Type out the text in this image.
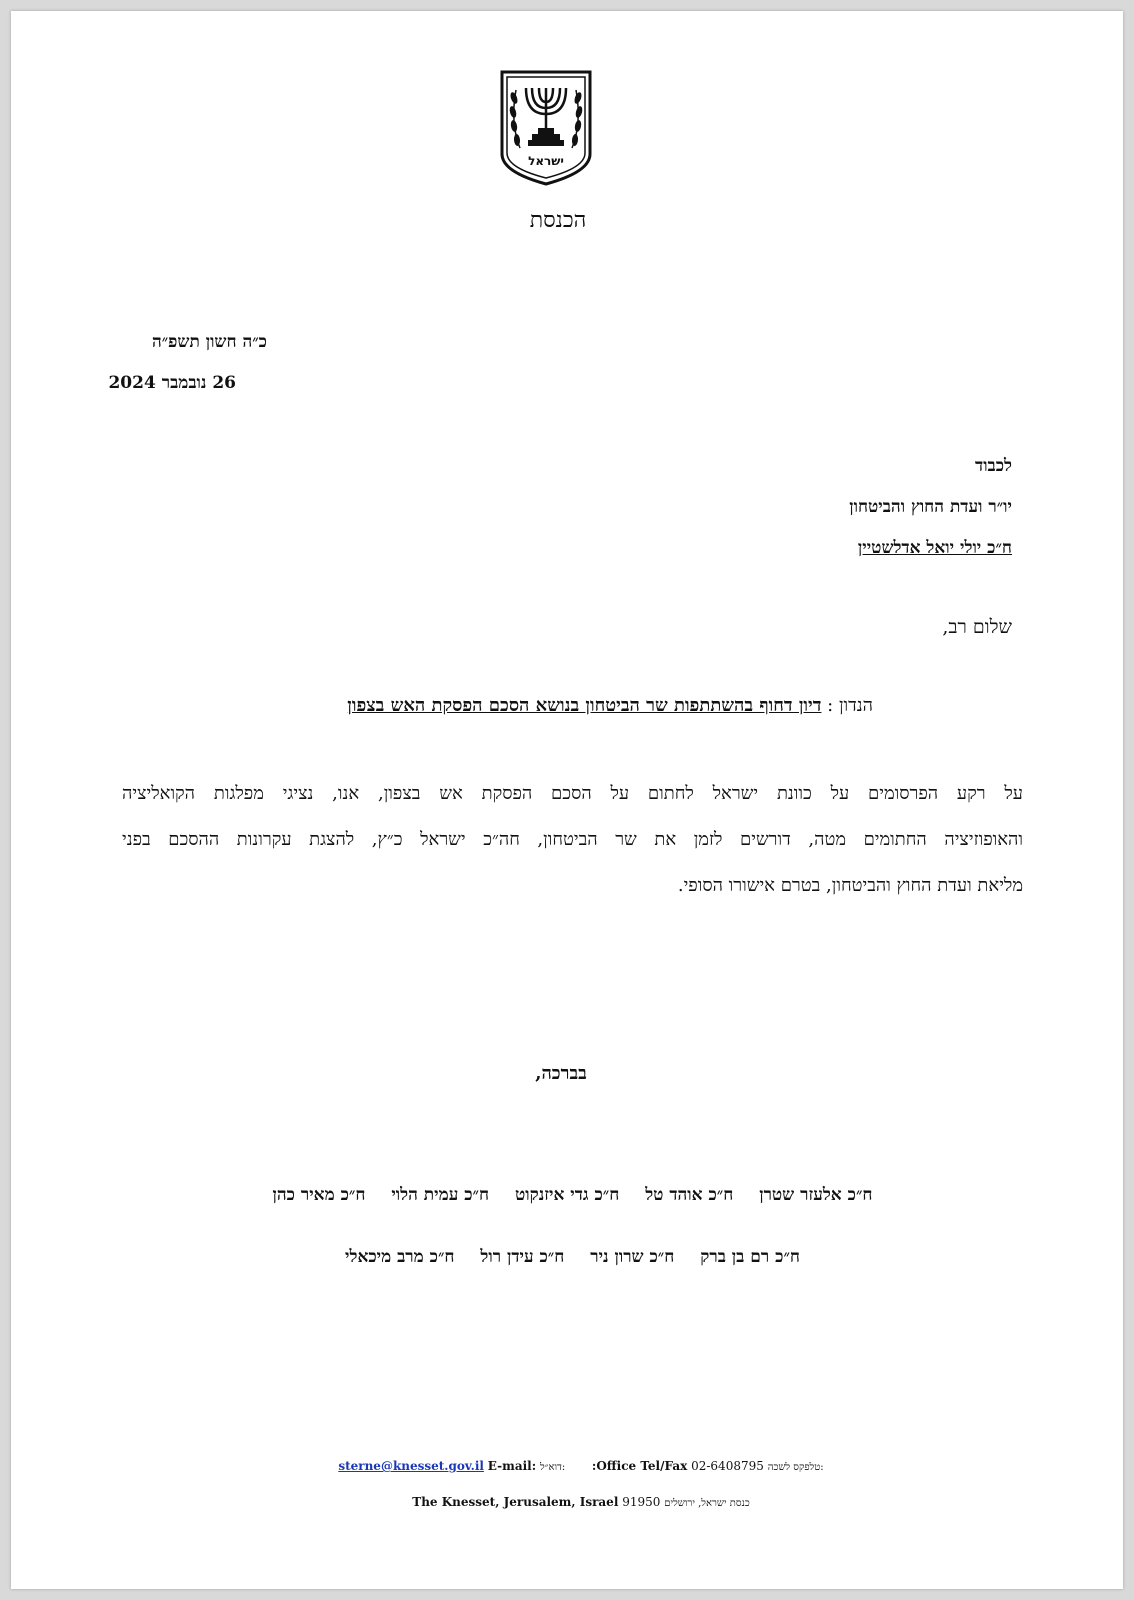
ישראל
הכנסת
כ״ה חשון תשפ״ה
26 נובמבר 2024
לכבוד
יו״ר ועדת החוץ והביטחון
ח״כ יולי יואל אדלשטיין
שלום רב,
הנדון : דיון דחוף בהשתתפות שר הביטחון בנושא הסכם הפסקת האש בצפון

על רקע הפרסומים על כוונת ישראל לחתום על הסכם הפסקת אש בצפון, אנו, נציגי מפלגות הקואליציה

והאופוזיציה החתומים מטה, דורשים לזמן את שר הביטחון, חה״כ ישראל כ״ץ, להצגת עקרונות ההסכם בפני

מליאת ועדת החוץ והביטחון, בטרם אישורו הסופי.

בברכה,
ח״כ אלעזר שטרן ח״כ אוהד טל ח״כ גדי איזנקוט ח״כ עמית הלוי ח״כ מאיר כהן
ח״כ רם בן ברק ח״כ שרון ניר ח״כ עידן רול ח״כ מרב מיכאלי
sterne@knesset.gov.il E-mail: דוא״ל: :Office Tel/Fax 02-6408795 טלפקס לשכה:
The Knesset, Jerusalem, Israel 91950 כנסת ישראל, ירושלים
